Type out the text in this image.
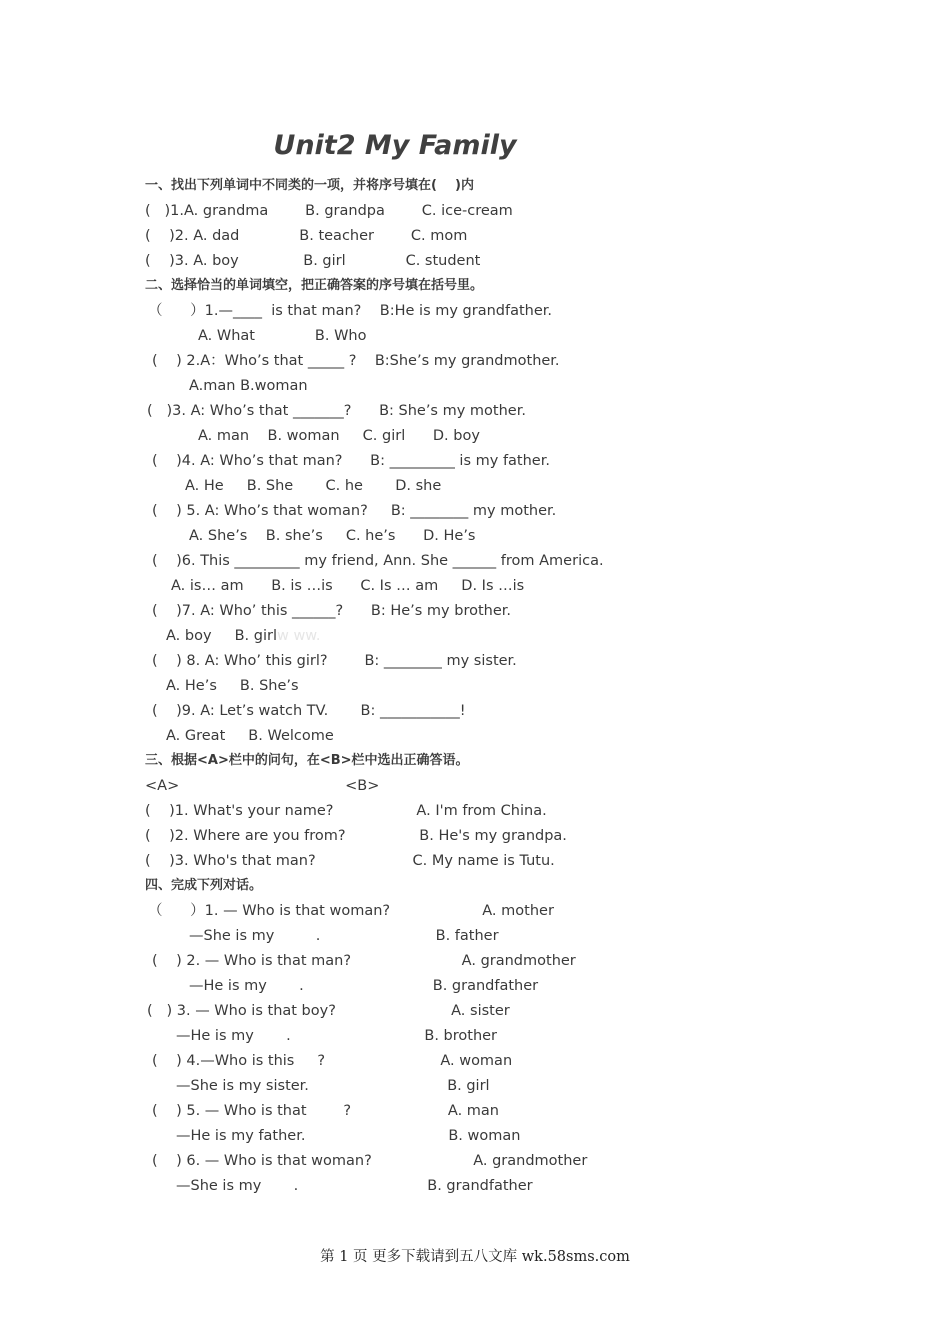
Unit2 My Family
一、找出下列单词中不同类的一项，并将序号填在(    )内
(   )1.A. grandma        B. grandpa        C. ice-cream
(    )2. A. dad             B. teacher        C. mom
(    )3. A. boy              B. girl             C. student
二、选择恰当的单词填空，把正确答案的序号填在括号里。
（      ）1.—____  is that man?    B:He is my grandfather.
A. What             B. Who
(    ) 2.A：Who’s that _____ ?    B:She’s my grandmother.
A.man B.woman
(   )3. A: Who’s that _______?      B: She’s my mother.
A. man    B. woman     C. girl      D. boy
(    )4. A: Who’s that man?      B: _________ is my father.
A. He     B. She       C. he       D. she
(    ) 5. A: Who’s that woman?     B: ________ my mother.
A. She’s    B. she’s     C. he’s      D. He’s
(    )6. This _________ my friend, Ann. She ______ from America.
A. is… am      B. is …is      C. Is … am     D. Is …is
(    )7. A: Who’ this ______?      B: He’s my brother.
A. boy     B. girlw ww.
(    ) 8. A: Who’ this girl?        B: ________ my sister.
A. He’s     B. She’s
(    )9. A: Let’s watch TV.       B: ___________!
A. Great     B. Welcome
三、根据<A>栏中的问句，在<B>栏中选出正确答语。
<A>                                    <B>
(    )1. What's your name?                  A. I'm from China.
(    )2. Where are you from?                B. He's my grandpa.
(    )3. Who's that man?                     C. My name is Tutu.
四、完成下列对话。
（      ）1. — Who is that woman?                    A. mother
—She is my         .                         B. father
(    ) 2. — Who is that man?                        A. grandmother
—He is my       .                            B. grandfather
(   ) 3. — Who is that boy?                         A. sister
—He is my       .                             B. brother
(    ) 4.—Who is this     ?                         A. woman
—She is my sister.                              B. girl
(    ) 5. — Who is that        ?                     A. man
—He is my father.                               B. woman
(    ) 6. — Who is that woman?                      A. grandmother
—She is my       .                            B. grandfather
第 1 页 更多下载请到五八文库 wk.58sms.com
